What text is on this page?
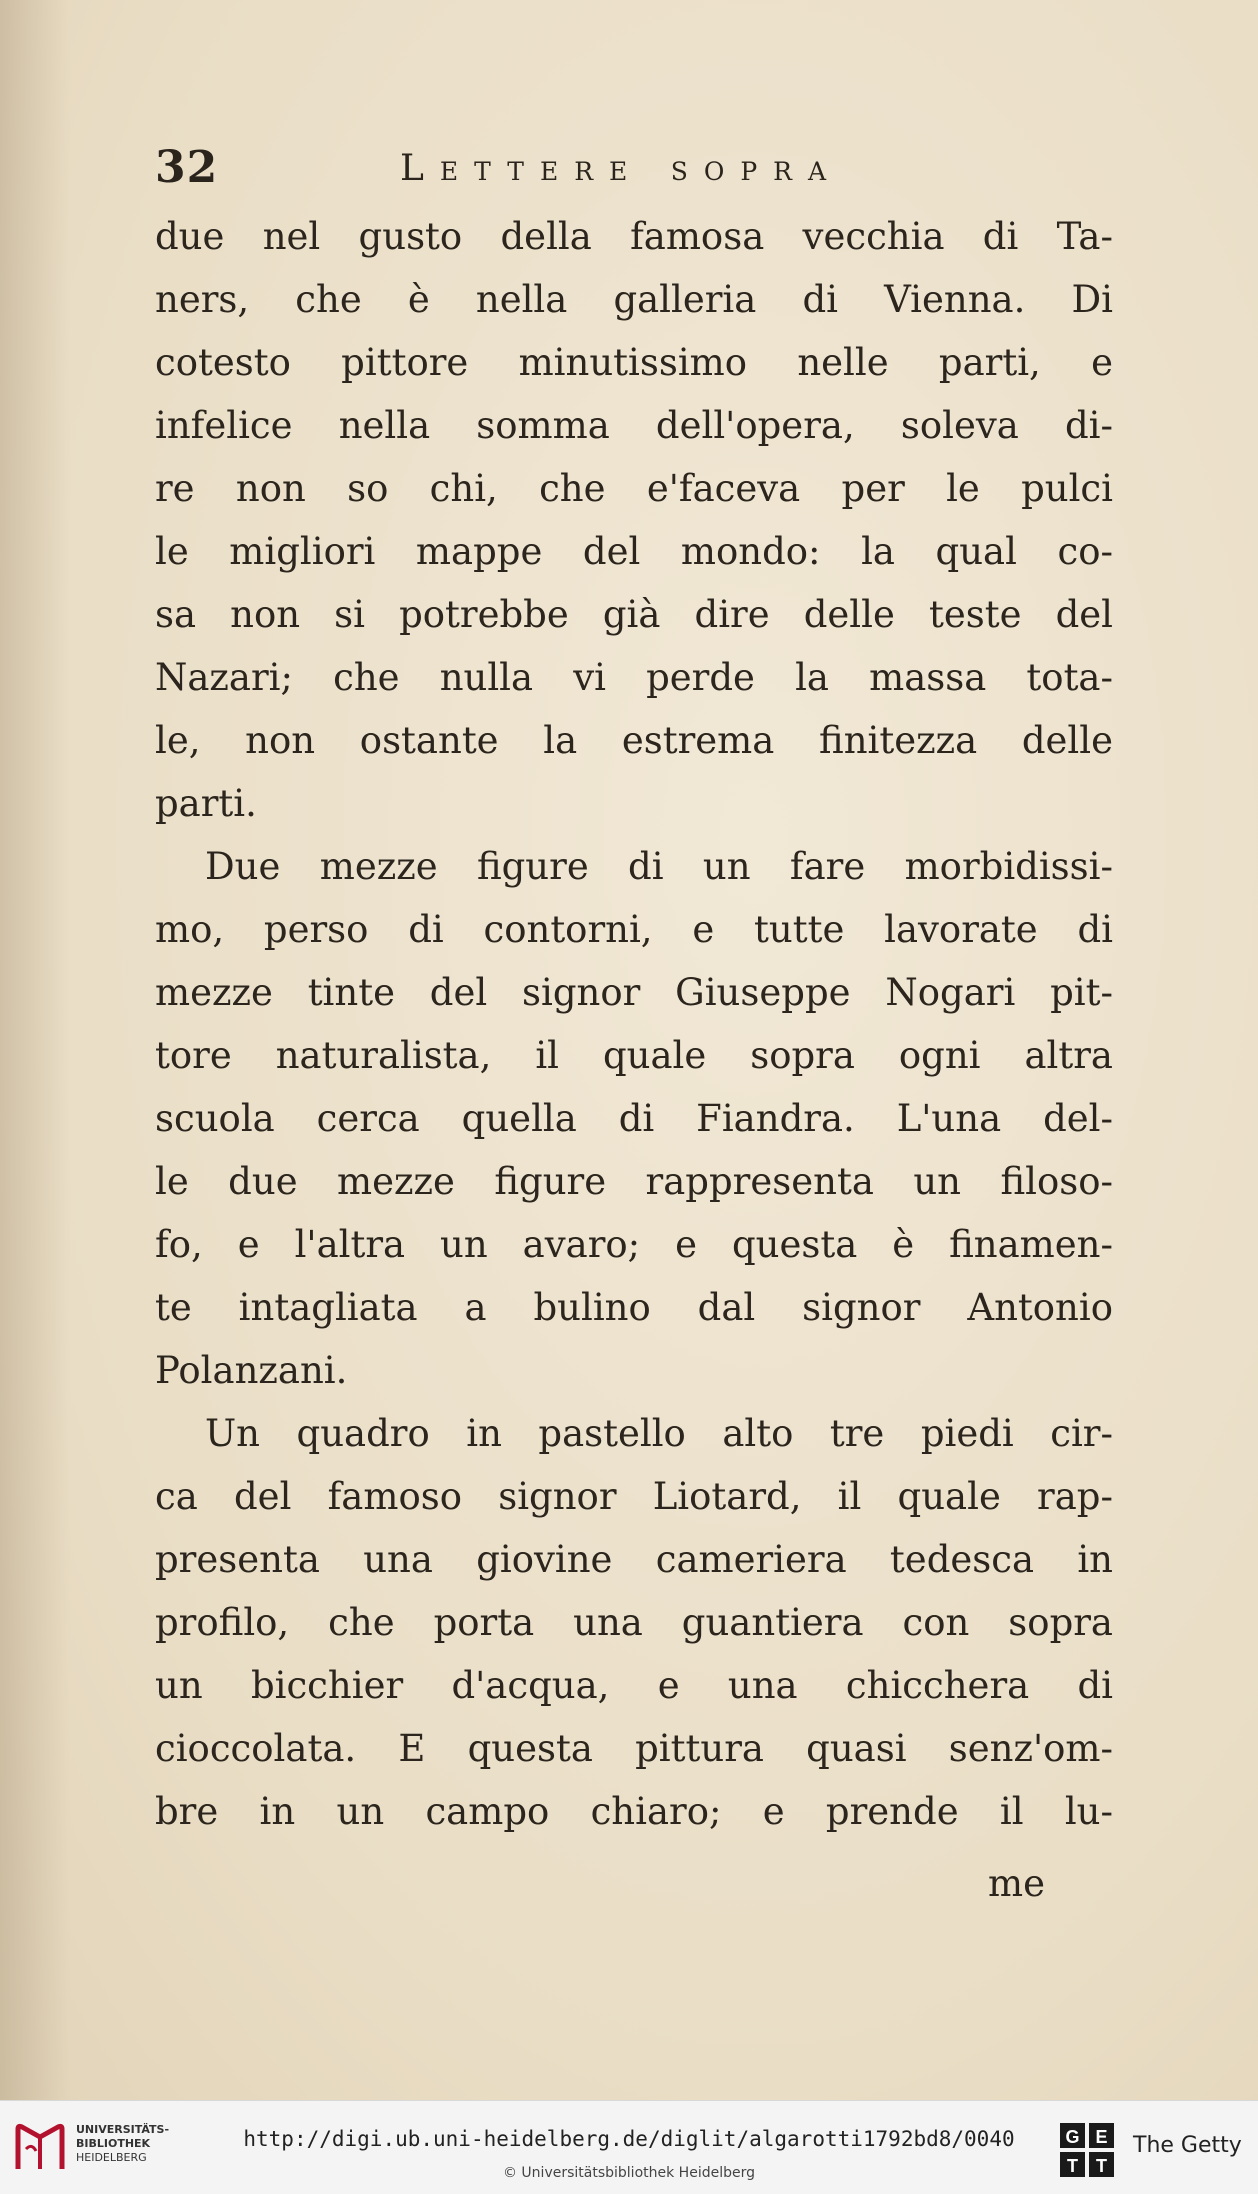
32	Lettere sopra
due nel gusto della famosa vecchia di Ta-
ners, che è nella galleria di Vienna. Di
cotesto pittore minutissimo nelle parti, e
infelice nella somma dell'opera, soleva di-
re non so chi, che e'faceva per le pulci
le migliori mappe del mondo: la qual co-
sa non si potrebbe già dire delle teste del
Nazari; che nulla vi perde la massa tota-
le, non ostante la estrema finitezza delle
parti.
Due mezze figure di un fare morbidissi-
mo, perso di contorni, e tutte lavorate di
mezze tinte del signor Giuseppe Nogari pit-
tore naturalista, il quale sopra ogni altra
scuola cerca quella di Fiandra. L'una del-
le due mezze figure rappresenta un filoso-
fo, e l'altra un avaro; e questa è finamen-
te intagliata a bulino dal signor Antonio
Polanzani.
Un quadro in pastello alto tre piedi cir-
ca del famoso signor Liotard, il quale rap-
presenta una giovine cameriera tedesca in
profilo, che porta una guantiera con sopra
un bicchier d'acqua, e una chicchera di
cioccolata. E questa pittura quasi senz'om-
bre in un campo chiaro; e prende il lu-
me
UNIVERSITÄTS-
BIBLIOTHEK
HEIDELBERG
http://digi.ub.uni-heidelberg.de/diglit/algarotti1792bd8/0040
© Universitätsbibliothek Heidelberg
G E
T T
The Getty
